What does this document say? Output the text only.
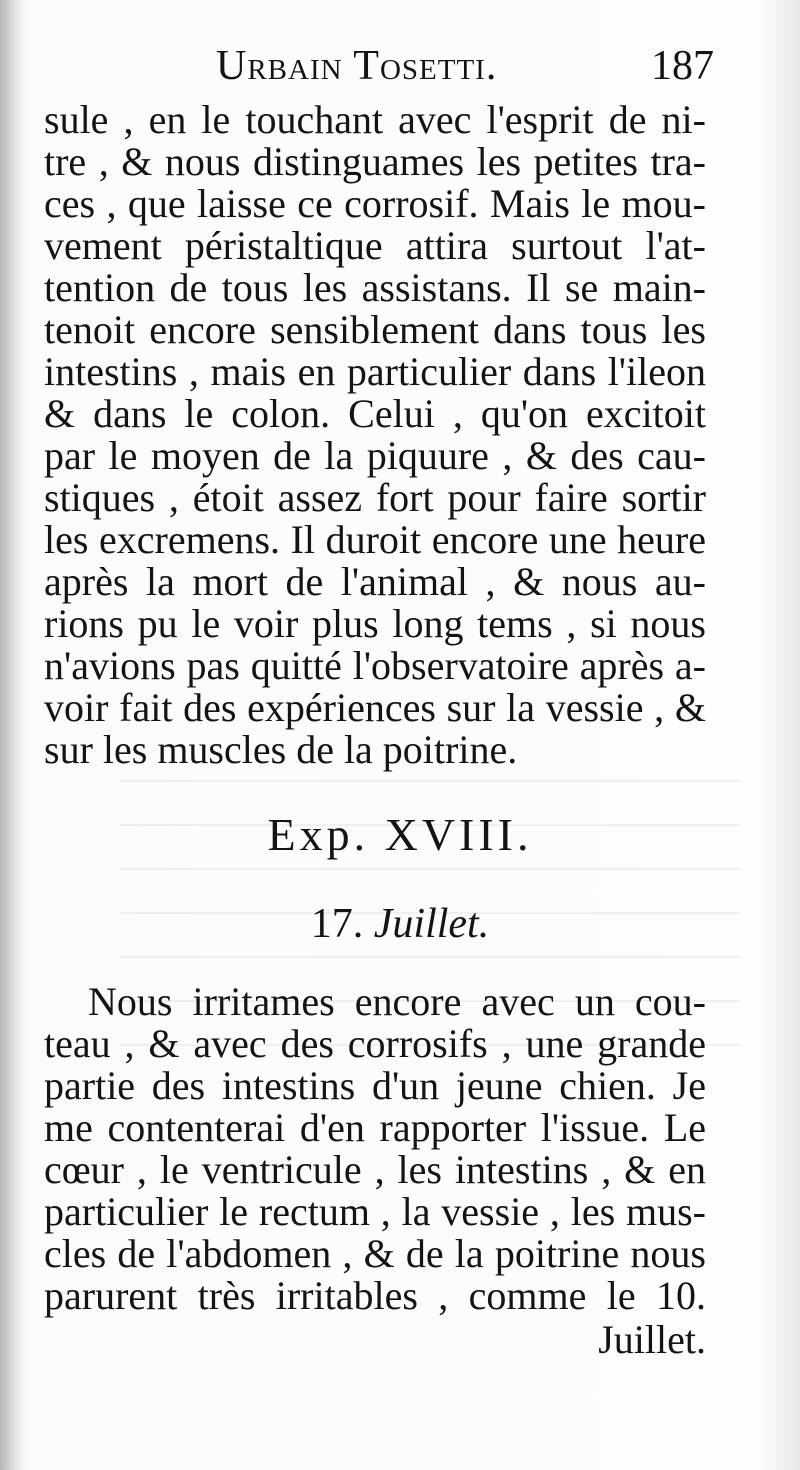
Urbain Tosetti.	187
sule , en le touchant avec l'esprit de ni-
tre , & nous distinguames les petites tra-
ces , que laisse ce corrosif. Mais le mou-
vement péristaltique attira surtout l'at-
tention de tous les assistans. Il se main-
tenoit encore sensiblement dans tous les
intestins , mais en particulier dans l'ileon
& dans le colon. Celui , qu'on excitoit
par le moyen de la piquure , & des cau-
stiques , étoit assez fort pour faire sortir
les excremens. Il duroit encore une heure
après la mort de l'animal , & nous au-
rions pu le voir plus long tems , si nous
n'avions pas quitté l'observatoire après a-
voir fait des expériences sur la vessie , &
sur les muscles de la poitrine.
Exp. XVIII.
17. Juillet.
Nous irritames encore avec un cou-
teau , & avec des corrosifs , une grande
partie des intestins d'un jeune chien. Je
me contenterai d'en rapporter l'issue. Le
cœur , le ventricule , les intestins , & en
particulier le rectum , la vessie , les mus-
cles de l'abdomen , & de la poitrine nous
parurent très irritables , comme le 10.
Juillet.
